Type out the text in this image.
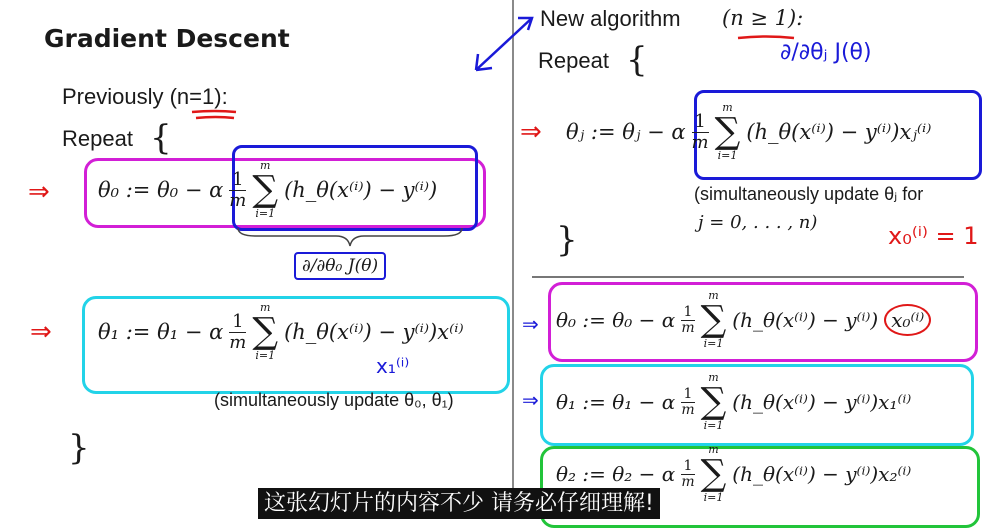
Gradient Descent
Previously (n=1):
Repeat {
⇒ θ₀ := θ₀ − α $\frac{1}{m}$
m
∑
i=1
(h_θ(x⁽ⁱ⁾) − y⁽ⁱ⁾)
∂/∂θ₀ J(θ)
⇒ θ₁ := θ₁ − α $\frac{1}{m}$
m
∑
i=1
(h_θ(x⁽ⁱ⁾) − y⁽ⁱ⁾)x⁽ⁱ⁾
x₁⁽ⁱ⁾
(simultaneously update θ₀, θ₁)
}
New algorithm (n ≥ 1):
Repeat {	∂/∂θⱼ J(θ)
⇒ θⱼ := θⱼ − α $\frac{1}{m}$
m
∑
i=1
(h_θ(x⁽ⁱ⁾) − y⁽ⁱ⁾)xⱼ⁽ⁱ⁾
(simultaneously update θⱼ for
j = 0, . . . , n)
}	x₀⁽ⁱ⁾ = 1
⇒ θ₀ := θ₀ − α $\frac{1}{m}$
m
∑
i=1
(h_θ(x⁽ⁱ⁾) − y⁽ⁱ⁾) x₀⁽ⁱ⁾
⇒ θ₁ := θ₁ − α $\frac{1}{m}$
m
∑
i=1
(h_θ(x⁽ⁱ⁾) − y⁽ⁱ⁾)x₁⁽ⁱ⁾
θ₂ := θ₂ − α $\frac{1}{m}$
m
∑
i=1
(h_θ(x⁽ⁱ⁾) − y⁽ⁱ⁾)x₂⁽ⁱ⁾
这张幻灯片的内容不少 请务必仔细理解!
